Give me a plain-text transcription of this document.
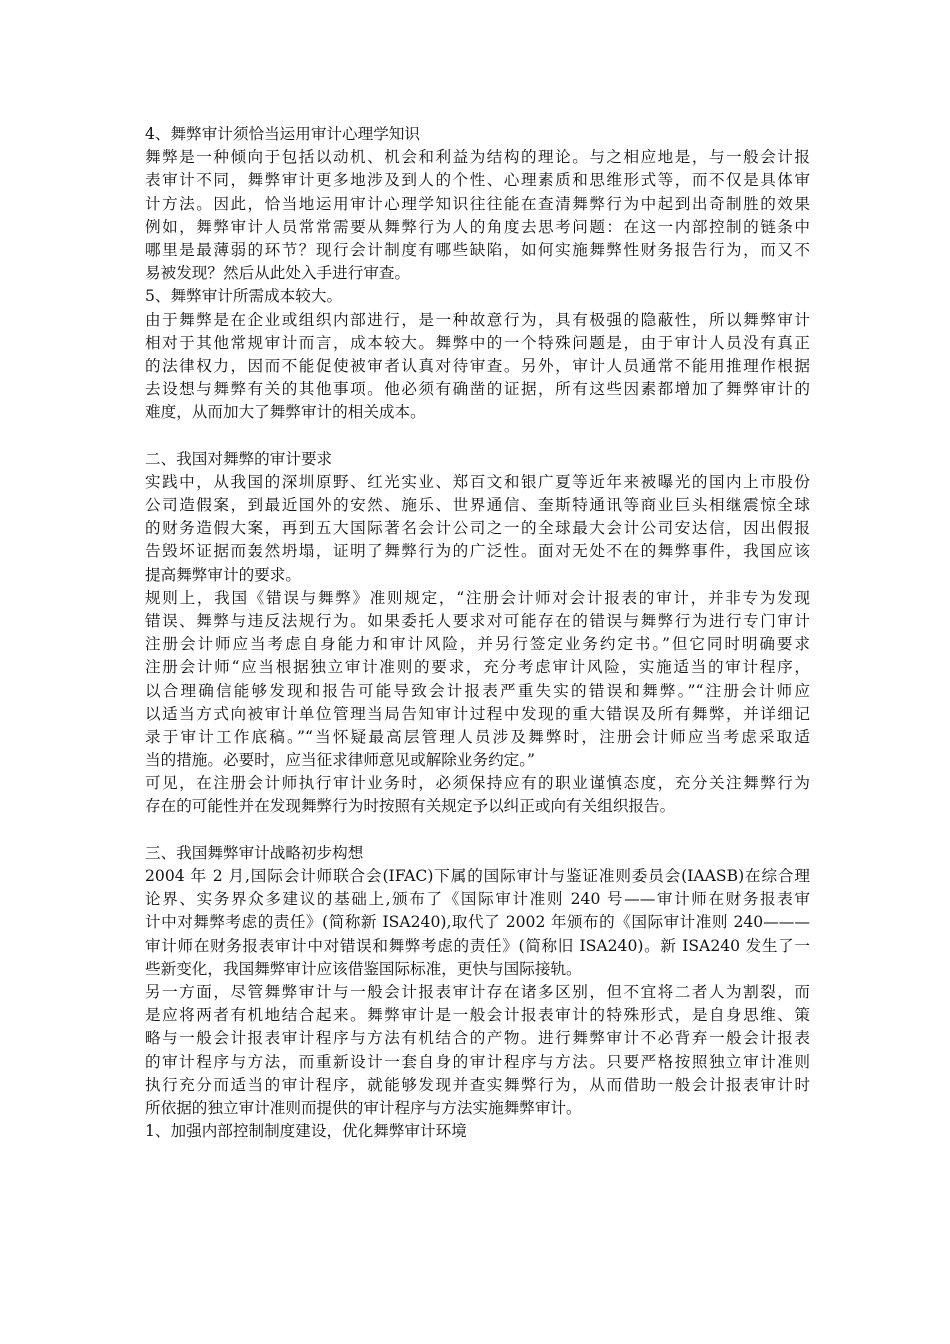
4、舞弊审计须恰当运用审计心理学知识
舞弊是一种倾向于包括以动机、机会和利益为结构的理论。与之相应地是，与一般会计报
表审计不同，舞弊审计更多地涉及到人的个性、心理素质和思维形式等，而不仅是具体审
计方法。因此，恰当地运用审计心理学知识往往能在查清舞弊行为中起到出奇制胜的效果
例如，舞弊审计人员常常需要从舞弊行为人的角度去思考问题：在这一内部控制的链条中
哪里是最薄弱的环节？现行会计制度有哪些缺陷，如何实施舞弊性财务报告行为，而又不
易被发现？然后从此处入手进行审查。
5、舞弊审计所需成本较大。
由于舞弊是在企业或组织内部进行，是一种故意行为，具有极强的隐蔽性，所以舞弊审计
相对于其他常规审计而言，成本较大。舞弊中的一个特殊问题是，由于审计人员没有真正
的法律权力，因而不能促使被审者认真对待审查。另外，审计人员通常不能用推理作根据
去设想与舞弊有关的其他事项。他必须有确凿的证据，所有这些因素都增加了舞弊审计的
难度，从而加大了舞弊审计的相关成本。
二、我国对舞弊的审计要求
实践中，从我国的深圳原野、红光实业、郑百文和银广夏等近年来被曝光的国内上市股份
公司造假案，到最近国外的安然、施乐、世界通信、奎斯特通讯等商业巨头相继震惊全球
的财务造假大案，再到五大国际著名会计公司之一的全球最大会计公司安达信，因出假报
告毁坏证据而轰然坍塌，证明了舞弊行为的广泛性。面对无处不在的舞弊事件，我国应该
提高舞弊审计的要求。
规则上，我国《错误与舞弊》准则规定，“注册会计师对会计报表的审计，并非专为发现
错误、舞弊与违反法规行为。如果委托人要求对可能存在的错误与舞弊行为进行专门审计
注册会计师应当考虑自身能力和审计风险，并另行签定业务约定书。”但它同时明确要求
注册会计师“应当根据独立审计准则的要求，充分考虑审计风险，实施适当的审计程序，
以合理确信能够发现和报告可能导致会计报表严重失实的错误和舞弊。”“注册会计师应
以适当方式向被审计单位管理当局告知审计过程中发现的重大错误及所有舞弊，并详细记
录于审计工作底稿。”“当怀疑最高层管理人员涉及舞弊时，注册会计师应当考虑采取适
当的措施。必要时，应当征求律师意见或解除业务约定。”
可见，在注册会计师执行审计业务时，必须保持应有的职业谨慎态度，充分关注舞弊行为
存在的可能性并在发现舞弊行为时按照有关规定予以纠正或向有关组织报告。
三、我国舞弊审计战略初步构想
2004 年 2 月,国际会计师联合会(IFAC)下属的国际审计与鉴证准则委员会(IAASB)在综合理
论界、实务界众多建议的基础上,颁布了《国际审计准则 240 号——审计师在财务报表审
计中对舞弊考虑的责任》(简称新 ISA240),取代了 2002 年颁布的《国际审计准则 240———
审计师在财务报表审计中对错误和舞弊考虑的责任》(简称旧 ISA240)。新 ISA240 发生了一
些新变化，我国舞弊审计应该借鉴国际标准，更快与国际接轨。
另一方面，尽管舞弊审计与一般会计报表审计存在诸多区别，但不宜将二者人为割裂，而
是应将两者有机地结合起来。舞弊审计是一般会计报表审计的特殊形式，是自身思维、策
略与一般会计报表审计程序与方法有机结合的产物。进行舞弊审计不必背弃一般会计报表
的审计程序与方法，而重新设计一套自身的审计程序与方法。只要严格按照独立审计准则
执行充分而适当的审计程序，就能够发现并查实舞弊行为，从而借助一般会计报表审计时
所依据的独立审计准则而提供的审计程序与方法实施舞弊审计。
1、加强内部控制制度建设，优化舞弊审计环境
